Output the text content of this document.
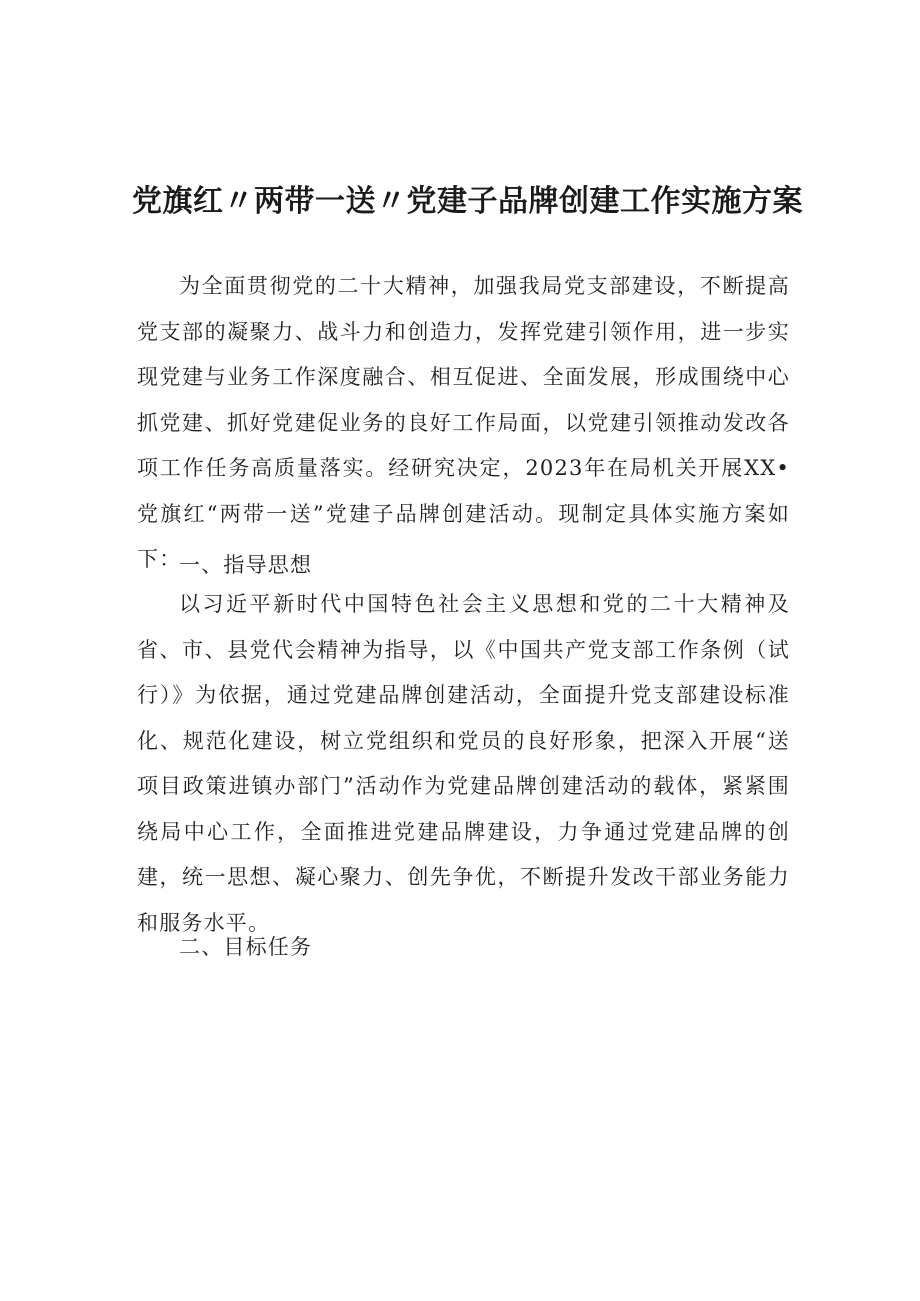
党旗红〃两带一送〃党建子品牌创建工作实施方案

为全面贯彻党的二十大精神，加强我局党支部建设，不断提高党支部的凝聚力、战斗力和创造力，发挥党建引领作用，进一步实现党建与业务工作深度融合、相互促进、全面发展，形成围绕中心抓党建、抓好党建促业务的良好工作局面，以党建引领推动发改各项工作任务高质量落实。经研究决定，2023年在局机关开展XX•党旗红“两带一送”党建子品牌创建活动。现制定具体实施方案如下：

一、指导思想

以习近平新时代中国特色社会主义思想和党的二十大精神及省、市、县党代会精神为指导，以《中国共产党支部工作条例（试行）》为依据，通过党建品牌创建活动，全面提升党支部建设标准化、规范化建设，树立党组织和党员的良好形象，把深入开展“送项目政策进镇办部门”活动作为党建品牌创建活动的载体，紧紧围绕局中心工作，全面推进党建品牌建设，力争通过党建品牌的创建，统一思想、凝心聚力、创先争优，不断提升发改干部业务能力和服务水平。

二、目标任务
